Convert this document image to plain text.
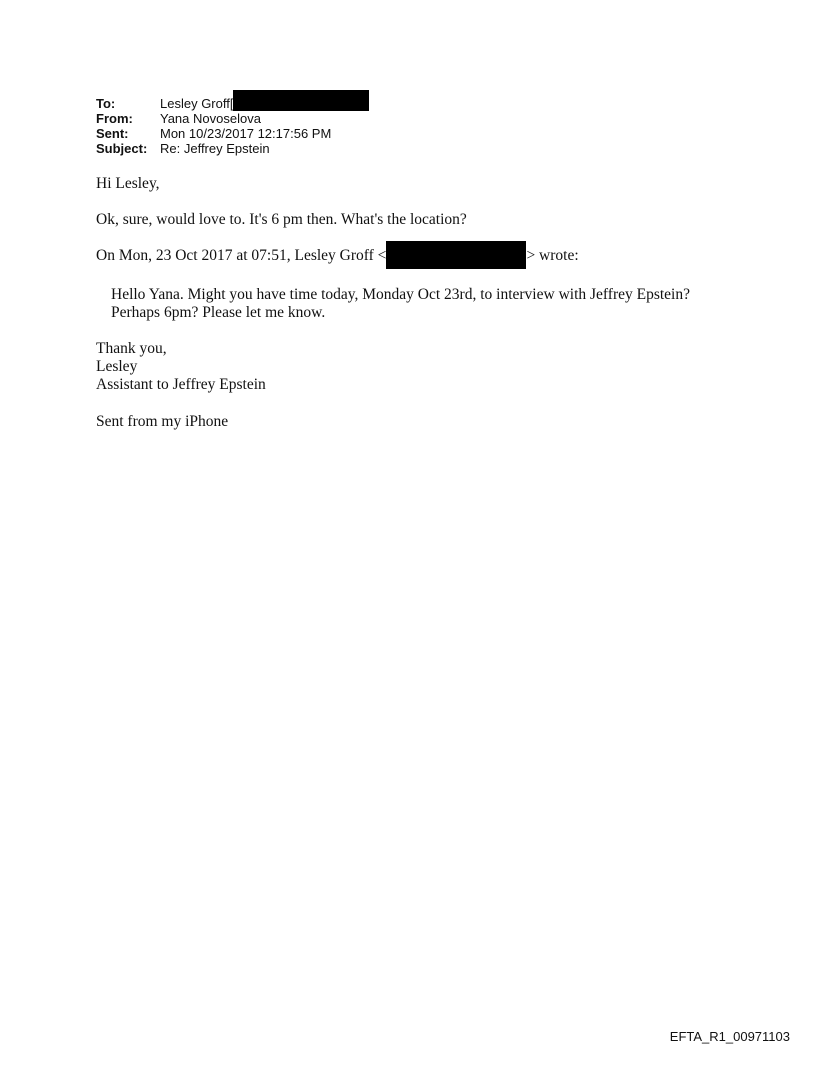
To:	Lesley Groff[
From:	Yana Novoselova
Sent:	Mon 10/23/2017 12:17:56 PM
Subject: Re: Jeffrey Epstein
Hi Lesley,
Ok, sure, would love to. It's 6 pm then. What's the location?
On Mon, 23 Oct 2017 at 07:51, Lesley Groff <	> wrote:
Hello Yana. Might you have time today, Monday Oct 23rd, to interview with Jeffrey Epstein?
Perhaps 6pm? Please let me know.
Thank you,
Lesley
Assistant to Jeffrey Epstein
Sent from my iPhone
EFTA_R1_00971103
